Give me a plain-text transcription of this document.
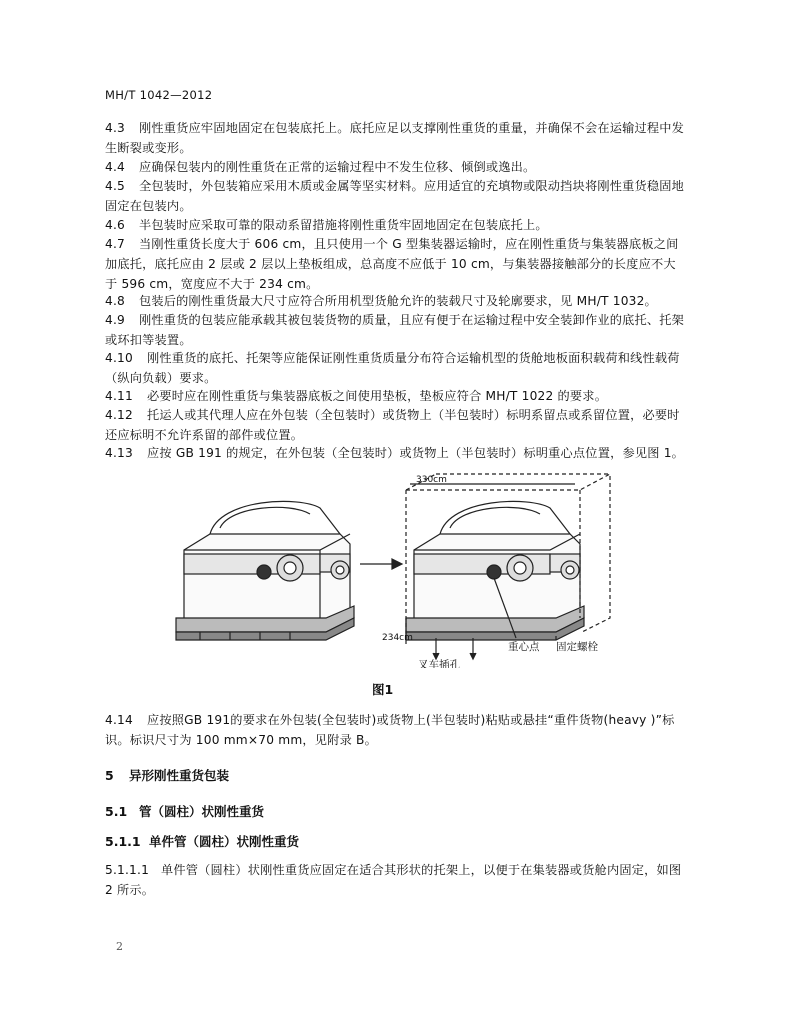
MH/T 1042—2012
4.3 刚性重货应牢固地固定在包装底托上。底托应足以支撑刚性重货的重量，并确保不会在运输过程中发生断裂或变形。
4.4 应确保包装内的刚性重货在正常的运输过程中不发生位移、倾倒或逸出。
4.5 全包装时，外包装箱应采用木质或金属等坚实材料。应用适宜的充填物或限动挡块将刚性重货稳固地固定在包装内。
4.6 半包装时应采取可靠的限动系留措施将刚性重货牢固地固定在包装底托上。
4.7 当刚性重货长度大于 606 cm，且只使用一个 G 型集装器运输时，应在刚性重货与集装器底板之间加底托，底托应由 2 层或 2 层以上垫板组成，总高度不应低于 10 cm，与集装器接触部分的长度应不大于 596 cm，宽度应不大于 234 cm。
4.8 包装后的刚性重货最大尺寸应符合所用机型货舱允许的装载尺寸及轮廓要求，见 MH/T 1032。
4.9 刚性重货的包装应能承载其被包装货物的质量，且应有便于在运输过程中安全装卸作业的底托、托架或环扣等装置。
4.10 刚性重货的底托、托架等应能保证刚性重货质量分布符合运输机型的货舱地板面积载荷和线性载荷（纵向负载）要求。
4.11 必要时应在刚性重货与集装器底板之间使用垫板，垫板应符合 MH/T 1022 的要求。
4.12 托运人或其代理人应在外包装（全包装时）或货物上（半包装时）标明系留点或系留位置，必要时还应标明不允许系留的部件或位置。
4.13 应按 GB 191 的规定，在外包装（全包装时）或货物上（半包装时）标明重心点位置，参见图 1。
330cm
234cm
叉车插孔
重心点 固定螺栓
图1
4.14 应按照GB 191的要求在外包装(全包装时)或货物上(半包装时)粘贴或悬挂“重件货物(heavy )”标识。标识尺寸为 100 mm×70 mm，见附录 B。
5 异形刚性重货包装
5.1 管（圆柱）状刚性重货
5.1.1 单件管（圆柱）状刚性重货
5.1.1.1 单件管（圆柱）状刚性重货应固定在适合其形状的托架上，以便于在集装器或货舱内固定，如图 2 所示。
2
